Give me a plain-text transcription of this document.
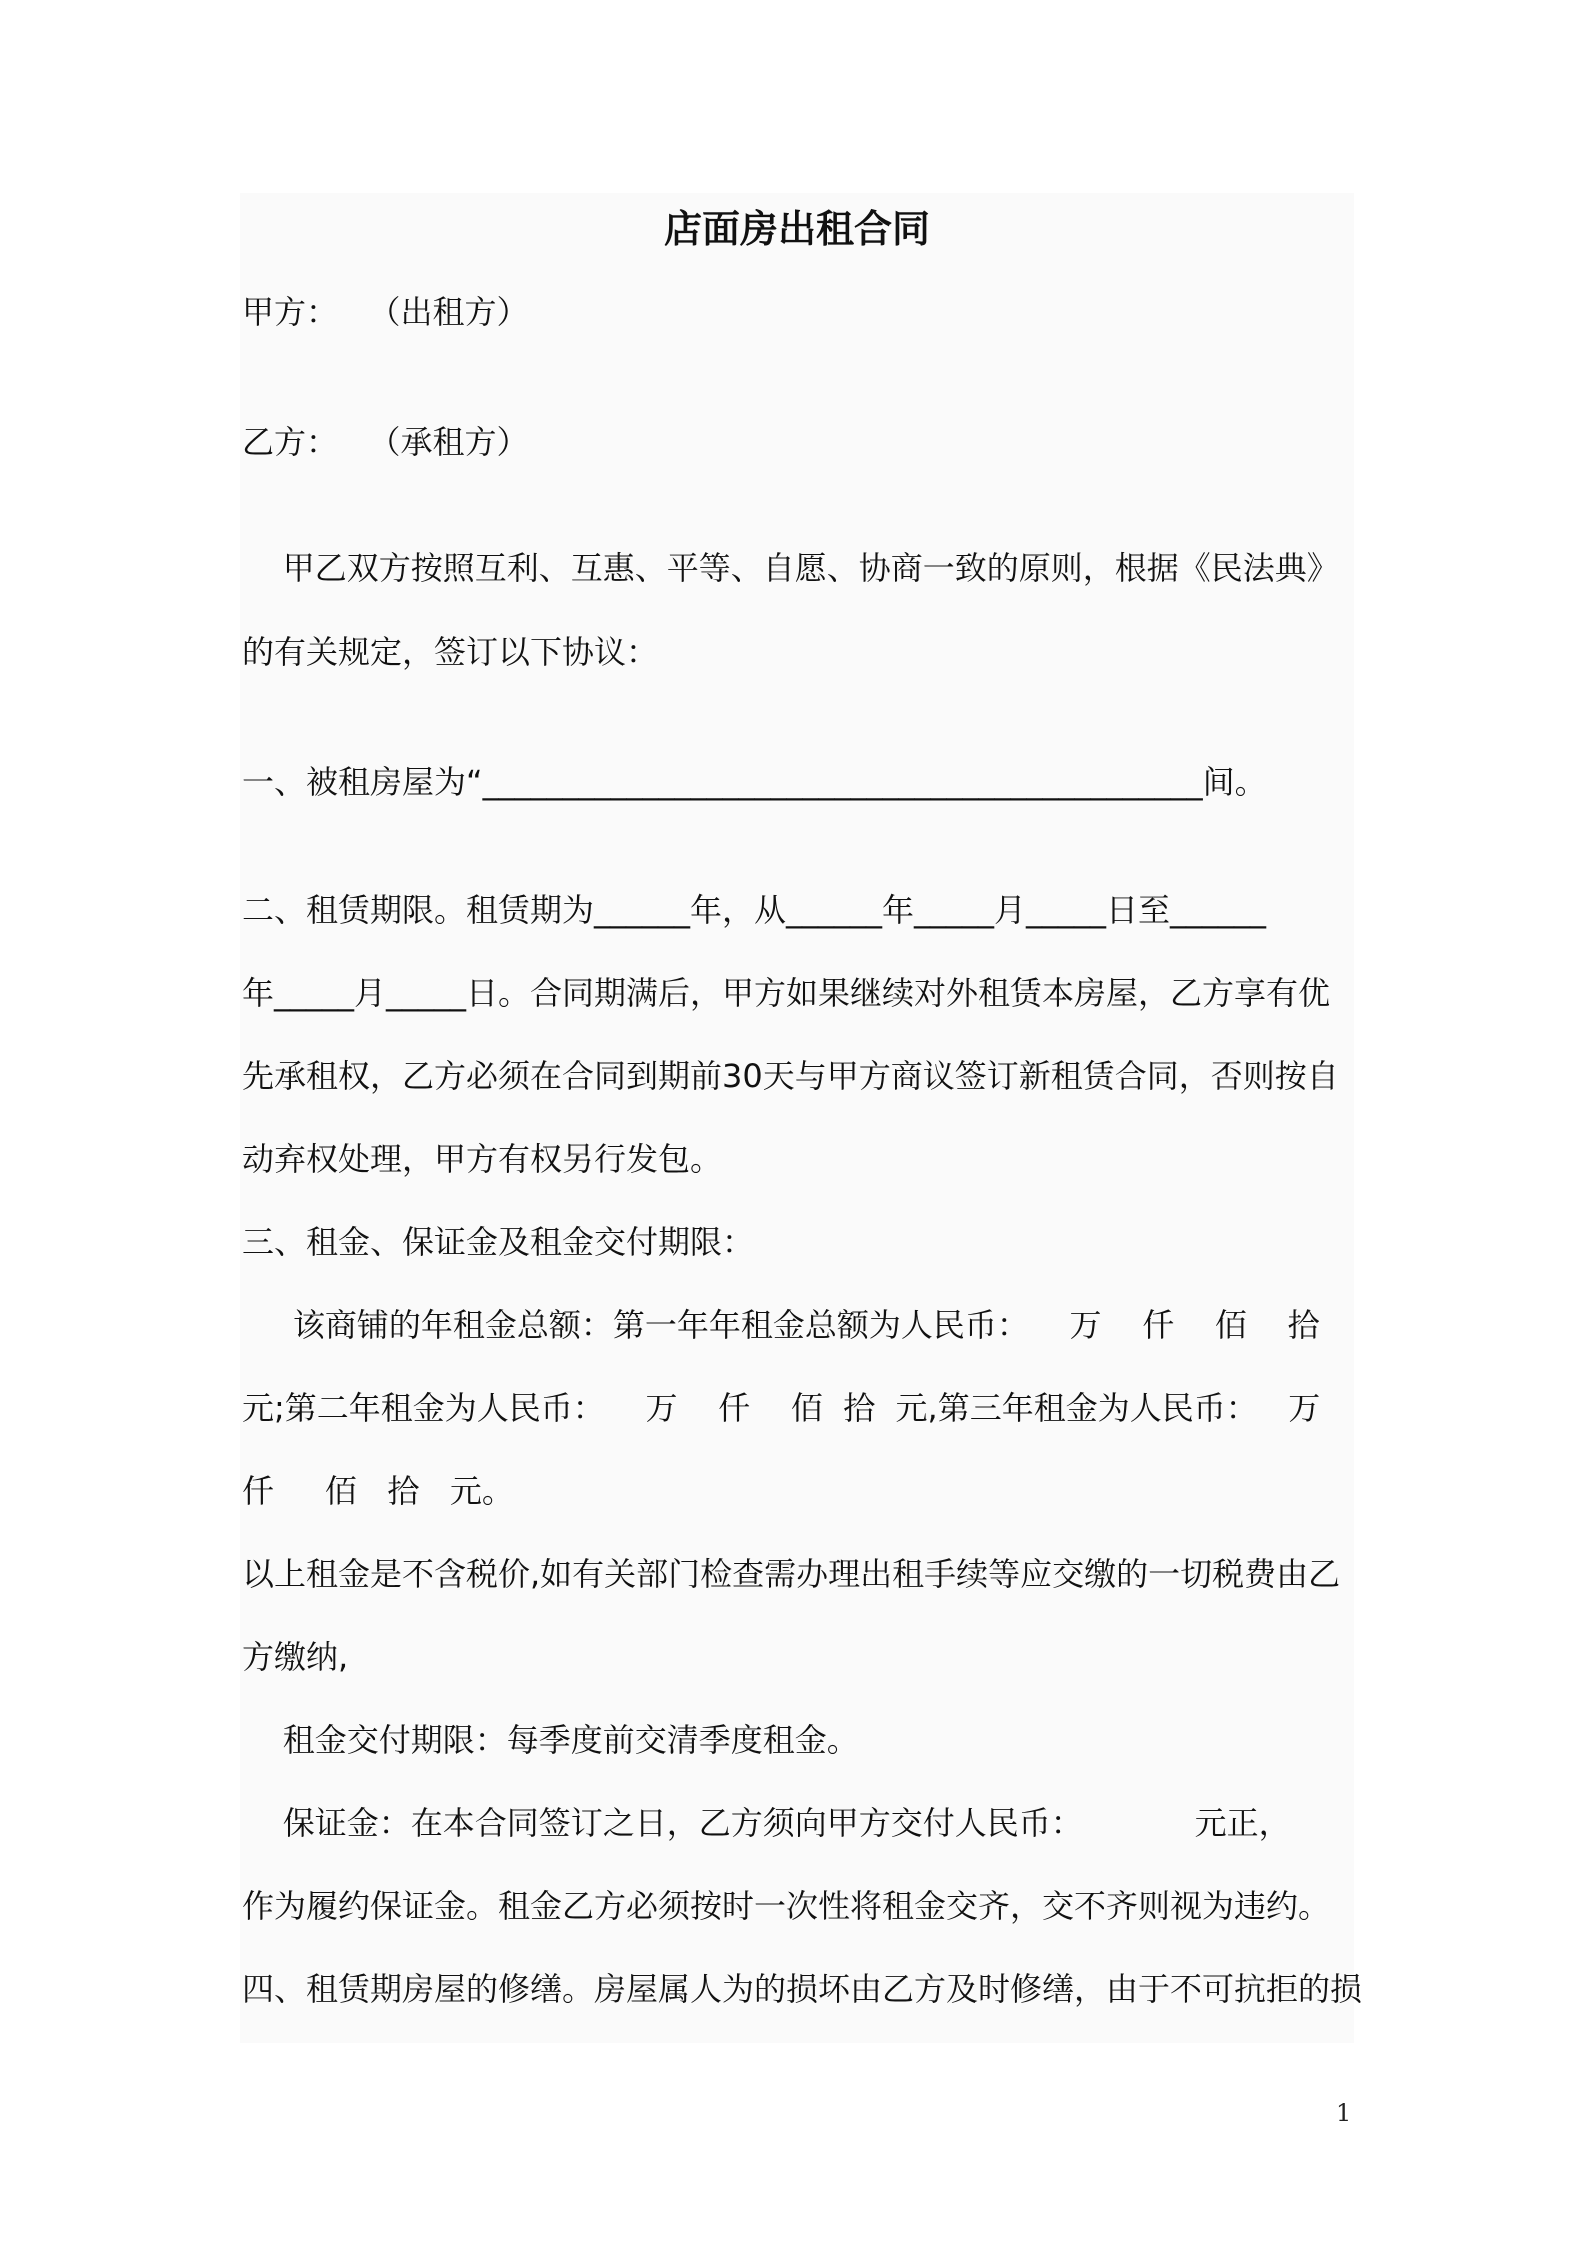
店面房出租合同

甲方：   （出租方）

乙方：   （承租方）

甲乙双方按照互利、互惠、平等、自愿、协商一致的原则，根据《民法典》

的有关规定，签订以下协议：

一、被租房屋为“_____________________________________________间。

二、租赁期限。租赁期为______年，从______年_____月_____日至______

年_____月_____日。合同期满后，甲方如果继续对外租赁本房屋，乙方享有优

先承租权，乙方必须在合同到期前30天与甲方商议签订新租赁合同，否则按自

动弃权处理，甲方有权另行发包。

三、租金、保证金及租金交付期限：

该商铺的年租金总额：第一年年租金总额为人民币：    万    仟    佰    拾

元;第二年租金为人民币：    万    仟    佰  拾  元,第三年租金为人民币：   万

仟     佰   拾   元。

以上租金是不含税价,如有关部门检查需办理出租手续等应交缴的一切税费由乙

方缴纳,

租金交付期限：每季度前交清季度租金。

保证金：在本合同签订之日，乙方须向甲方交付人民币：           元正，

作为履约保证金。租金乙方必须按时一次性将租金交齐，交不齐则视为违约。

四、租赁期房屋的修缮。房屋属人为的损坏由乙方及时修缮，由于不可抗拒的损

1
